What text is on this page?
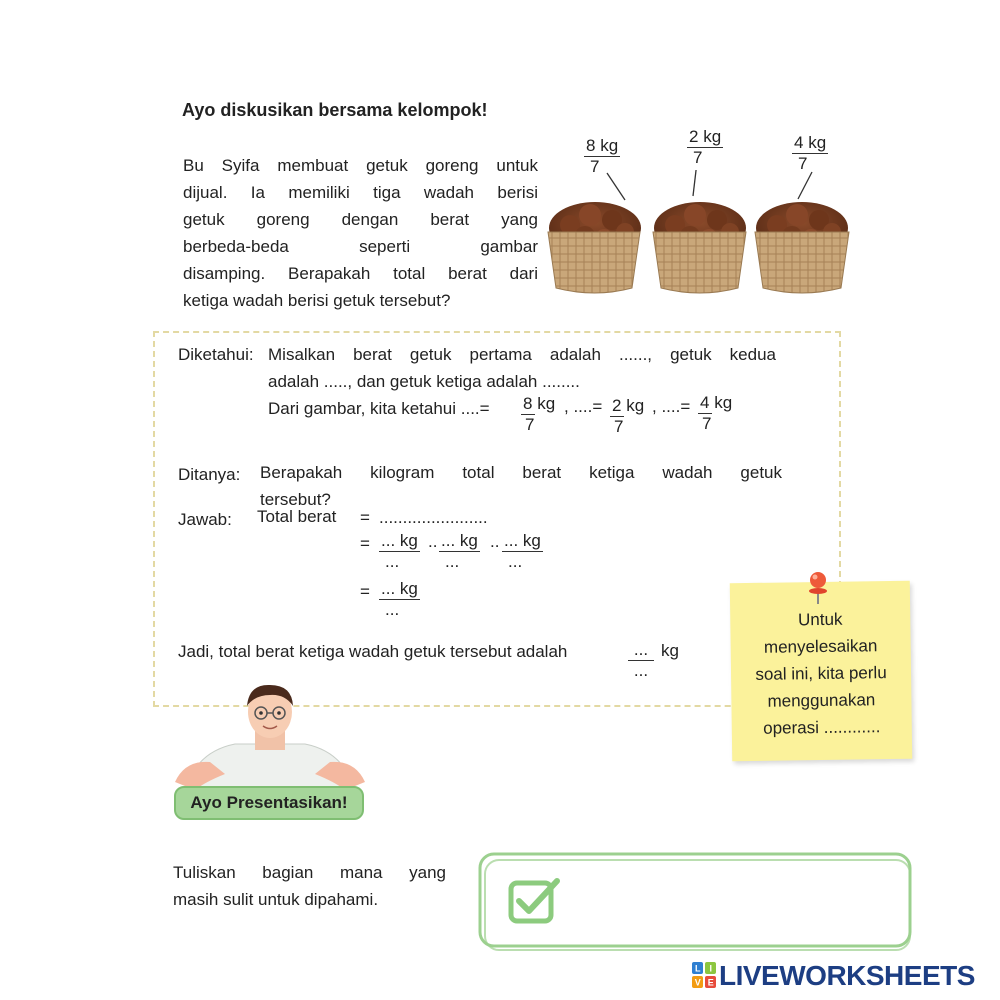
Ayo diskusikan bersama kelompok!
Bu Syifa membuat getuk goreng untuk
dijual. Ia memiliki tiga wadah berisi
getuk goreng dengan berat yang
berbeda-beda seperti gambar
disamping. Berapakah total berat dari
ketiga wadah berisi getuk tersebut?
$\frac{8 kg}{7}$	$\frac{2 kg}{7}$	$\frac{4 kg}{7}$
Diketahui: Misalkan berat getuk pertama adalah ......, getuk kedua
adalah ....., dan getuk ketiga adalah ........
Dari gambar, kita ketahui ....= $\frac{8 kg}{7}$ , ....= $\frac{2 kg}{7}$ , ....= $\frac{4 kg}{7}$
Ditanya: Berapakah kilogram total berat ketiga wadah getuk
tersebut?
Jawab: Total berat = .......................
= ... kg
...
.. ... kg
...
.. ... kg
...
= ... kg
...
Jadi, total berat ketiga wadah getuk tersebut adalah	...
...
kg
Untuk
menyelesaikan
soal ini, kita perlu
menggunakan
operasi ............
Ayo Presentasikan!
Tuliskan bagian mana yang
masih sulit untuk dipahami.
L I
V E LIVEWORKSHEETS
